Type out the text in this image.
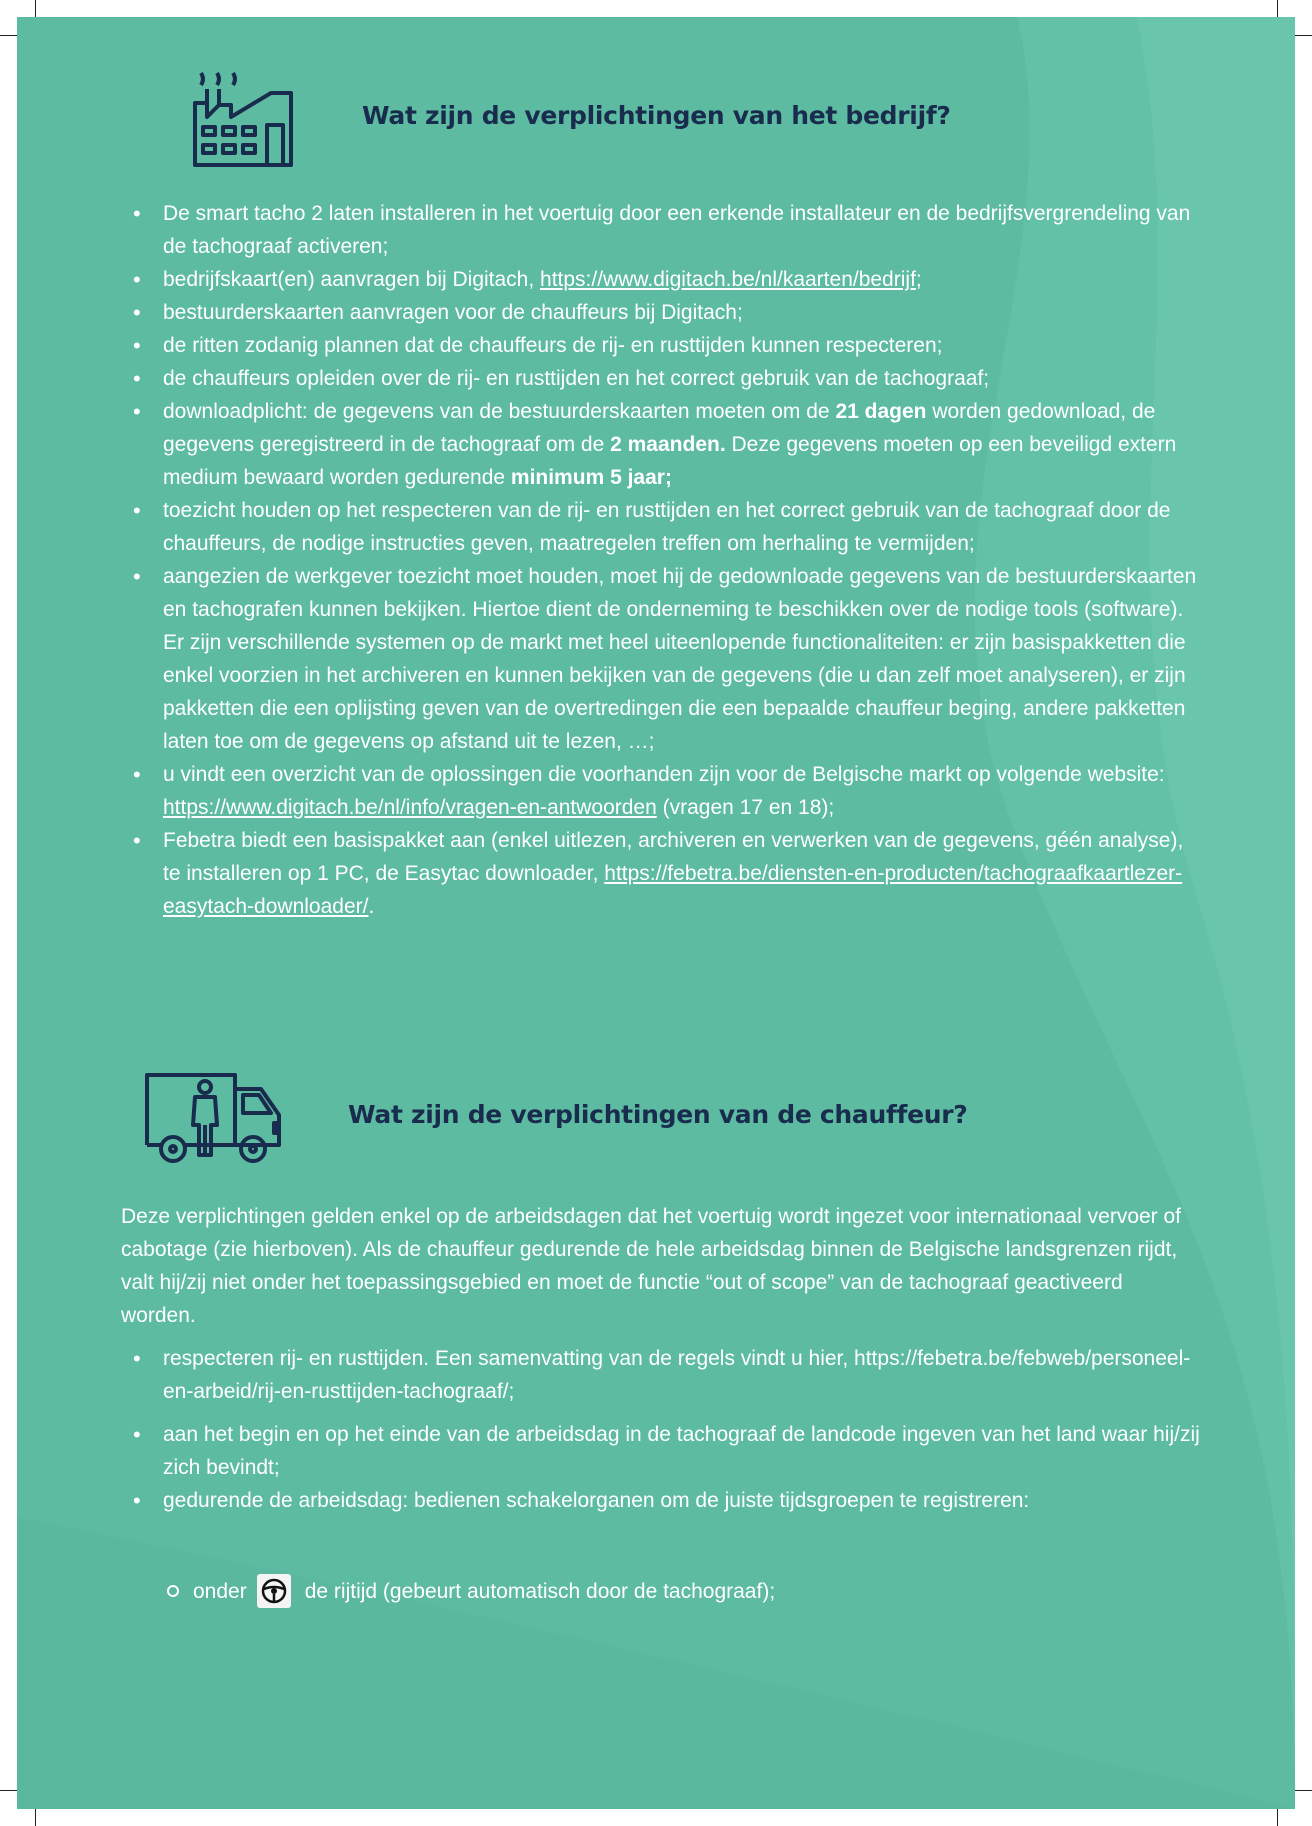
Wat zijn de verplichtingen van het bedrijf?
• De smart tacho 2 laten installeren in het voertuig door een erkende installateur en de bedrijfsvergrendeling van de tachograaf activeren;
• bedrijfskaart(en) aanvragen bij Digitach, https://www.digitach.be/nl/kaarten/bedrijf;
• bestuurderskaarten aanvragen voor de chauffeurs bij Digitach;
• de ritten zodanig plannen dat de chauffeurs de rij- en rusttijden kunnen respecteren;
• de chauffeurs opleiden over de rij- en rusttijden en het correct gebruik van de tachograaf;
• downloadplicht: de gegevens van de bestuurderskaarten moeten om de 21 dagen worden gedownload, de gegevens geregistreerd in de tachograaf om de 2 maanden. Deze gegevens moeten op een beveiligd extern medium bewaard worden gedurende minimum 5 jaar;
• toezicht houden op het respecteren van de rij- en rusttijden en het correct gebruik van de tachograaf door de chauffeurs, de nodige instructies geven, maatregelen treffen om herhaling te vermijden;
• aangezien de werkgever toezicht moet houden, moet hij de gedownloade gegevens van de bestuurderskaarten en tachografen kunnen bekijken. Hiertoe dient de onderneming te beschikken over de nodige tools (software). Er zijn verschillende systemen op de markt met heel uiteenlopende functionaliteiten: er zijn basispakketten die enkel voorzien in het archiveren en kunnen bekijken van de gegevens (die u dan zelf moet analyseren), er zijn pakketten die een oplijsting geven van de overtredingen die een bepaalde chauffeur beging, andere pakketten laten toe om de gegevens op afstand uit te lezen, …;
• u vindt een overzicht van de oplossingen die voorhanden zijn voor de Belgische markt op volgende website: https://www.digitach.be/nl/info/vragen-en-antwoorden (vragen 17 en 18);
• Febetra biedt een basispakket aan (enkel uitlezen, archiveren en verwerken van de gegevens, géén analyse), te installeren op 1 PC, de Easytac downloader, https://febetra.be/diensten-en-producten/tachograafkaartlezer-easytach-downloader/.
Wat zijn de verplichtingen van de chauffeur?

Deze verplichtingen gelden enkel op de arbeidsdagen dat het voertuig wordt ingezet voor internationaal vervoer of cabotage (zie hierboven). Als de chauffeur gedurende de hele arbeidsdag binnen de Belgische landsgrenzen rijdt, valt hij/zij niet onder het toepassingsgebied en moet de functie “out of scope” van de tachograaf geactiveerd worden.

• respecteren rij- en rusttijden. Een samenvatting van de regels vindt u hier, https://febetra.be/febweb/personeel-en-arbeid/rij-en-rusttijden-tachograaf/;
• aan het begin en op het einde van de arbeidsdag in de tachograaf de landcode ingeven van het land waar hij/zij zich bevindt;
• gedurende de arbeidsdag: bedienen schakelorganen om de juiste tijdsgroepen te registreren:
onder	de rijtijd (gebeurt automatisch door de tachograaf);
